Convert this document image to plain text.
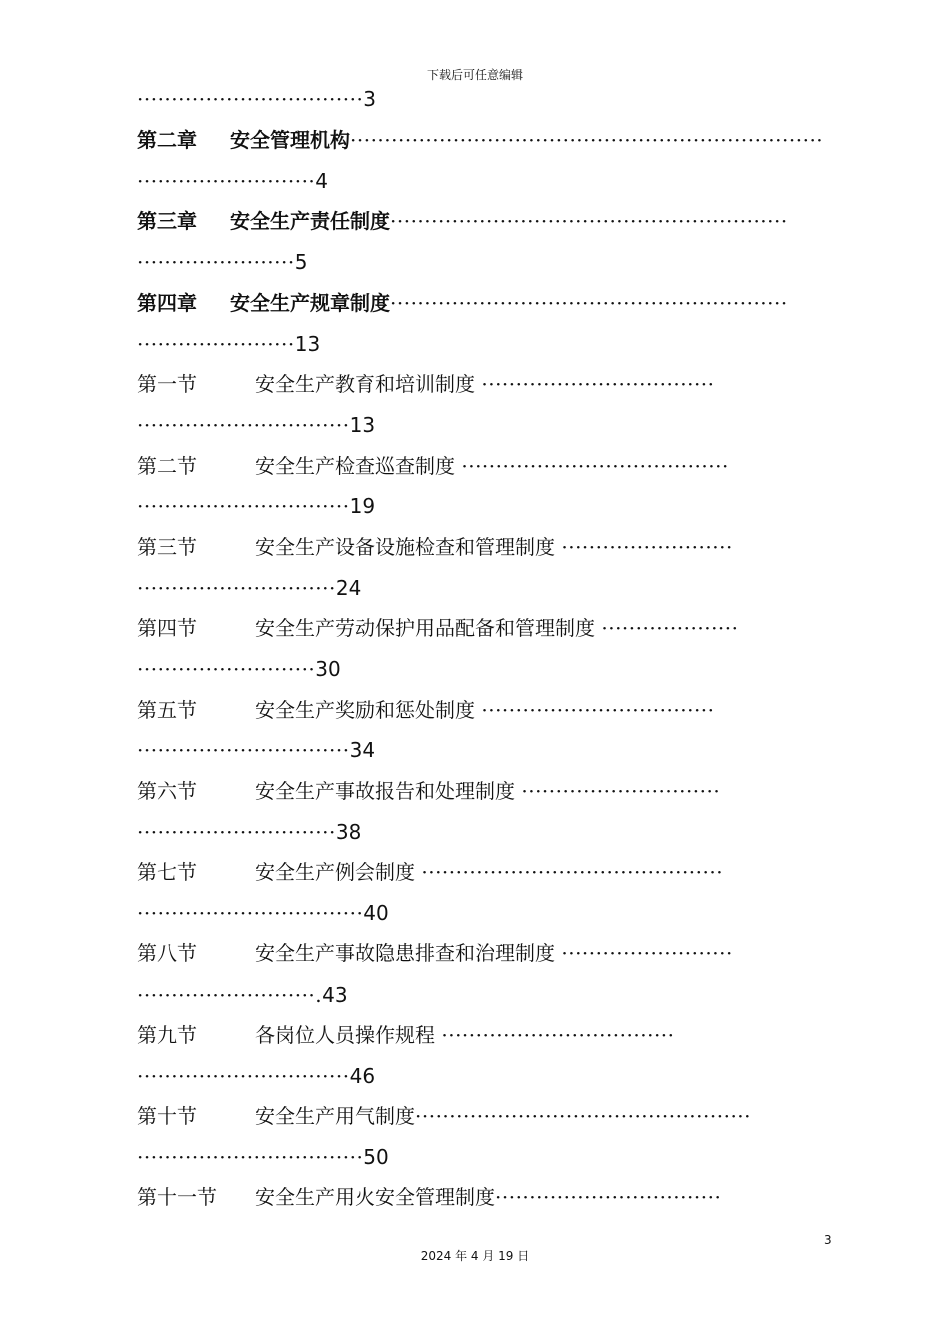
下载后可任意编辑
·································3
第二章 安全管理机构·····································································
··························4
第三章 安全生产责任制度··························································
·······················5
第四章 安全生产规章制度··························································
·······················13
第一节	安全生产教育和培训制度 ··································
·······························13
第二节	安全生产检查巡查制度 ·······································
·······························19
第三节	安全生产设备设施检查和管理制度 ·························
·····························24
第四节	安全生产劳动保护用品配备和管理制度 ····················
··························30
第五节	安全生产奖励和惩处制度 ··································
·······························34
第六节	安全生产事故报告和处理制度 ·····························
·····························38
第七节	安全生产例会制度 ············································
·································40
第八节	安全生产事故隐患排查和治理制度 ·························
··························.43
第九节	各岗位人员操作规程 ··································
·······························46
第十节	安全生产用气制度·················································
·································50
第十一节 安全生产用火安全管理制度·································
3
2024 年 4 月 19 日
